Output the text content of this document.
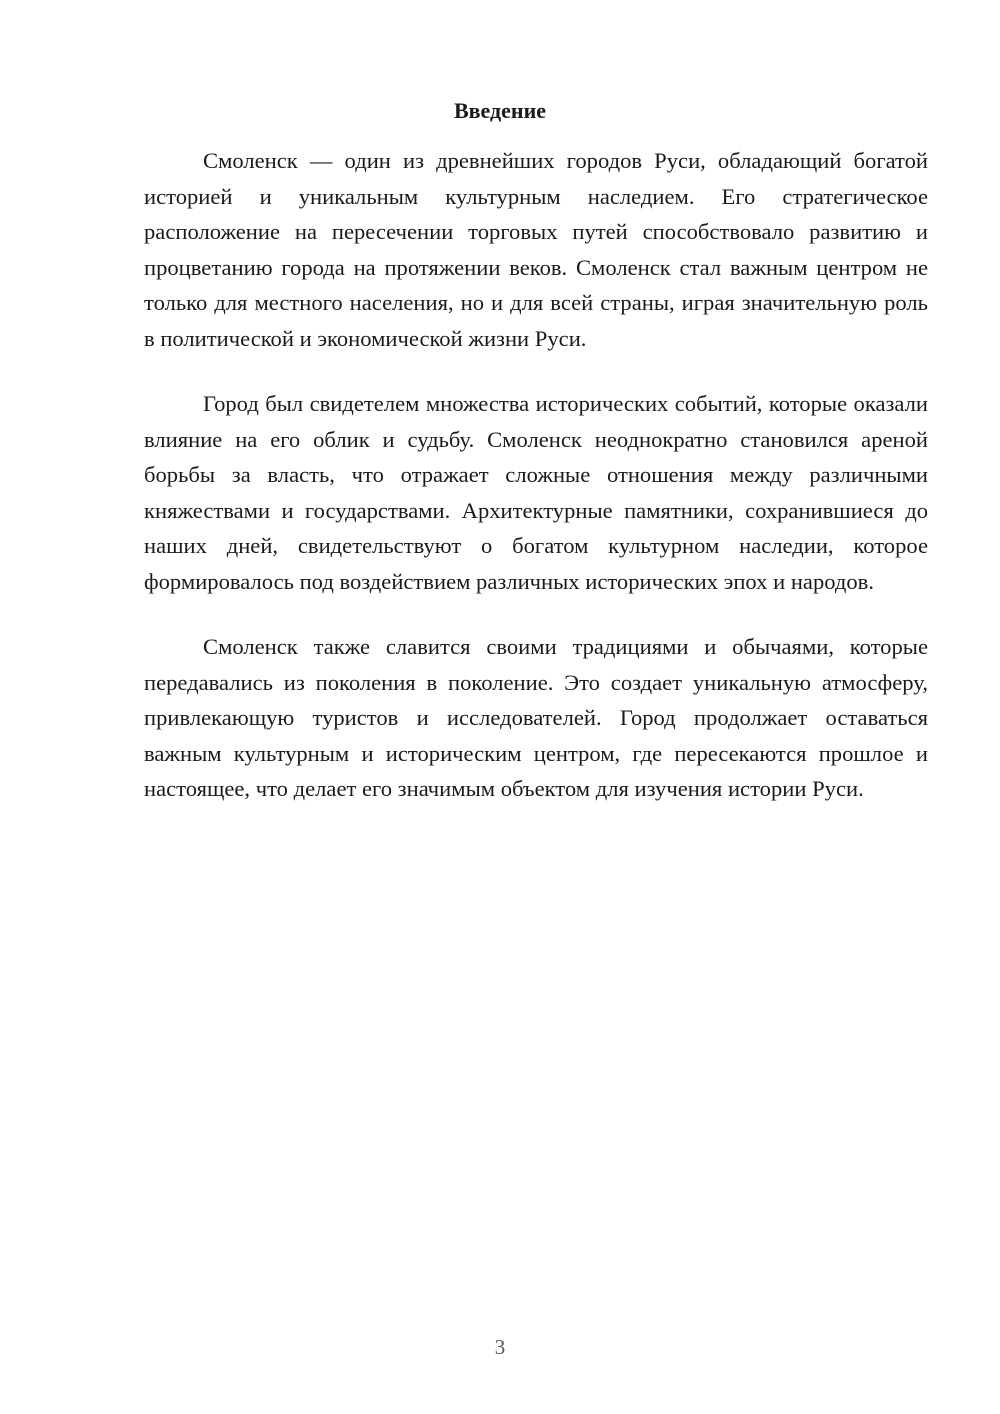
Введение

Смоленск — один из древнейших городов Руси, обладающий богатой историей и уникальным культурным наследием. Его стратегическое расположение на пересечении торговых путей способствовало развитию и процветанию города на протяжении веков. Смоленск стал важным центром не только для местного населения, но и для всей страны, играя значительную роль в политической и экономической жизни Руси.

Город был свидетелем множества исторических событий, которые оказали влияние на его облик и судьбу. Смоленск неоднократно становился ареной борьбы за власть, что отражает сложные отношения между различными княжествами и государствами. Архитектурные памятники, сохранившиеся до наших дней, свидетельствуют о богатом культурном наследии, которое формировалось под воздействием различных исторических эпох и народов.

Смоленск также славится своими традициями и обычаями, которые передавались из поколения в поколение. Это создает уникальную атмосферу, привлекающую туристов и исследователей. Город продолжает оставаться важным культурным и историческим центром, где пересекаются прошлое и настоящее, что делает его значимым объектом для изучения истории Руси.

3
